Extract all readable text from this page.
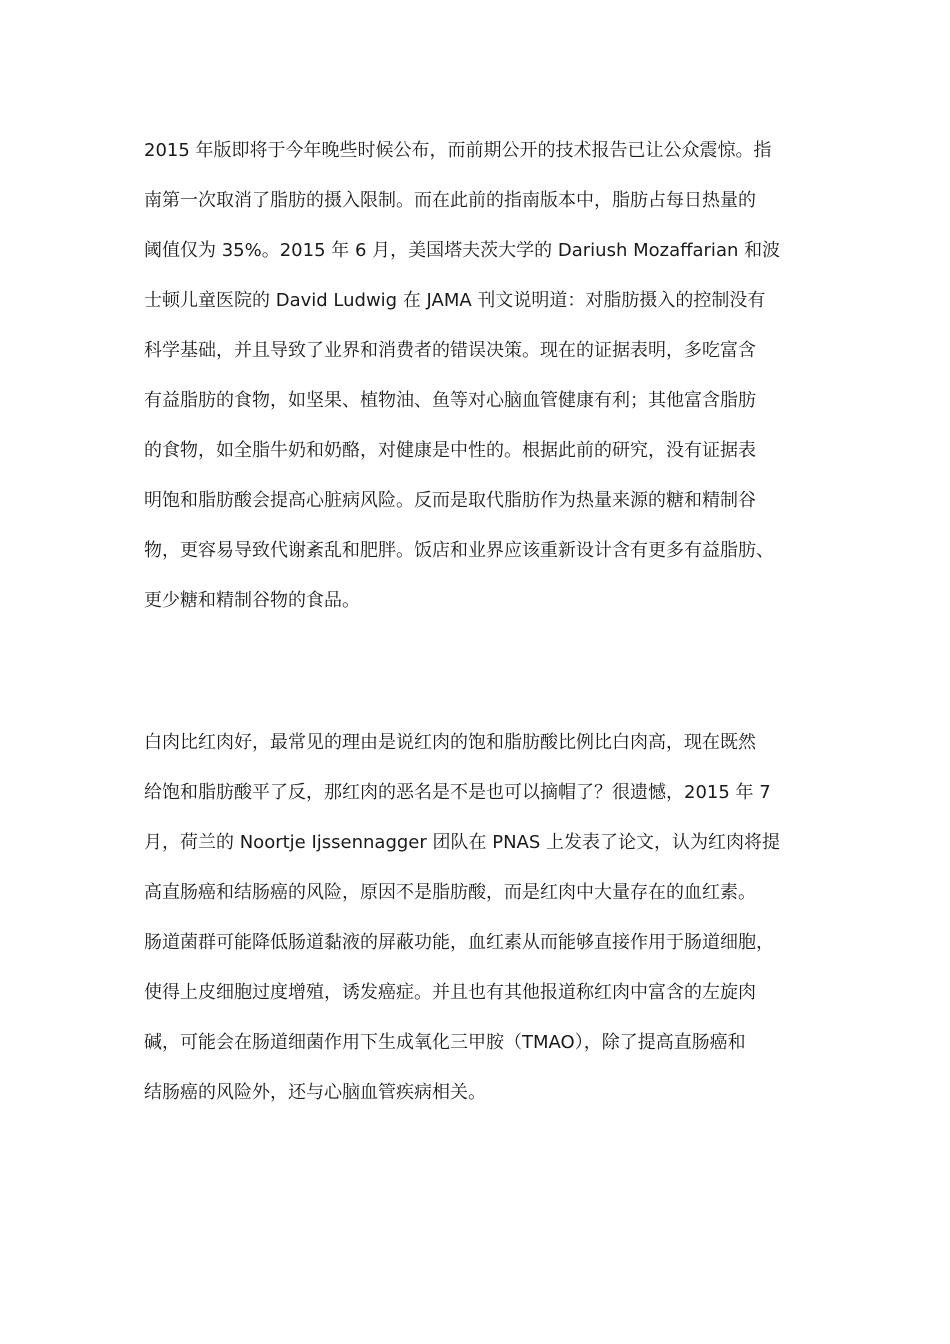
2015 年版即将于今年晚些时候公布，而前期公开的技术报告已让公众震惊。指
南第一次取消了脂肪的摄入限制。而在此前的指南版本中，脂肪占每日热量的
阈值仅为 35%。2015 年 6 月，美国塔夫茨大学的 Dariush Mozaffarian 和波
士顿儿童医院的 David Ludwig 在 JAMA 刊文说明道：对脂肪摄入的控制没有
科学基础，并且导致了业界和消费者的错误决策。现在的证据表明，多吃富含
有益脂肪的食物，如坚果、植物油、鱼等对心脑血管健康有利；其他富含脂肪
的食物，如全脂牛奶和奶酪，对健康是中性的。根据此前的研究，没有证据表
明饱和脂肪酸会提高心脏病风险。反而是取代脂肪作为热量来源的糖和精制谷
物，更容易导致代谢紊乱和肥胖。饭店和业界应该重新设计含有更多有益脂肪、
更少糖和精制谷物的食品。
白肉比红肉好，最常见的理由是说红肉的饱和脂肪酸比例比白肉高，现在既然
给饱和脂肪酸平了反，那红肉的恶名是不是也可以摘帽了？很遗憾，2015 年 7
月，荷兰的 Noortje Ijssennagger 团队在 PNAS 上发表了论文，认为红肉将提
高直肠癌和结肠癌的风险，原因不是脂肪酸，而是红肉中大量存在的血红素。
肠道菌群可能降低肠道黏液的屏蔽功能，血红素从而能够直接作用于肠道细胞，
使得上皮细胞过度增殖，诱发癌症。并且也有其他报道称红肉中富含的左旋肉
碱，可能会在肠道细菌作用下生成氧化三甲胺（TMAO），除了提高直肠癌和
结肠癌的风险外，还与心脑血管疾病相关。
